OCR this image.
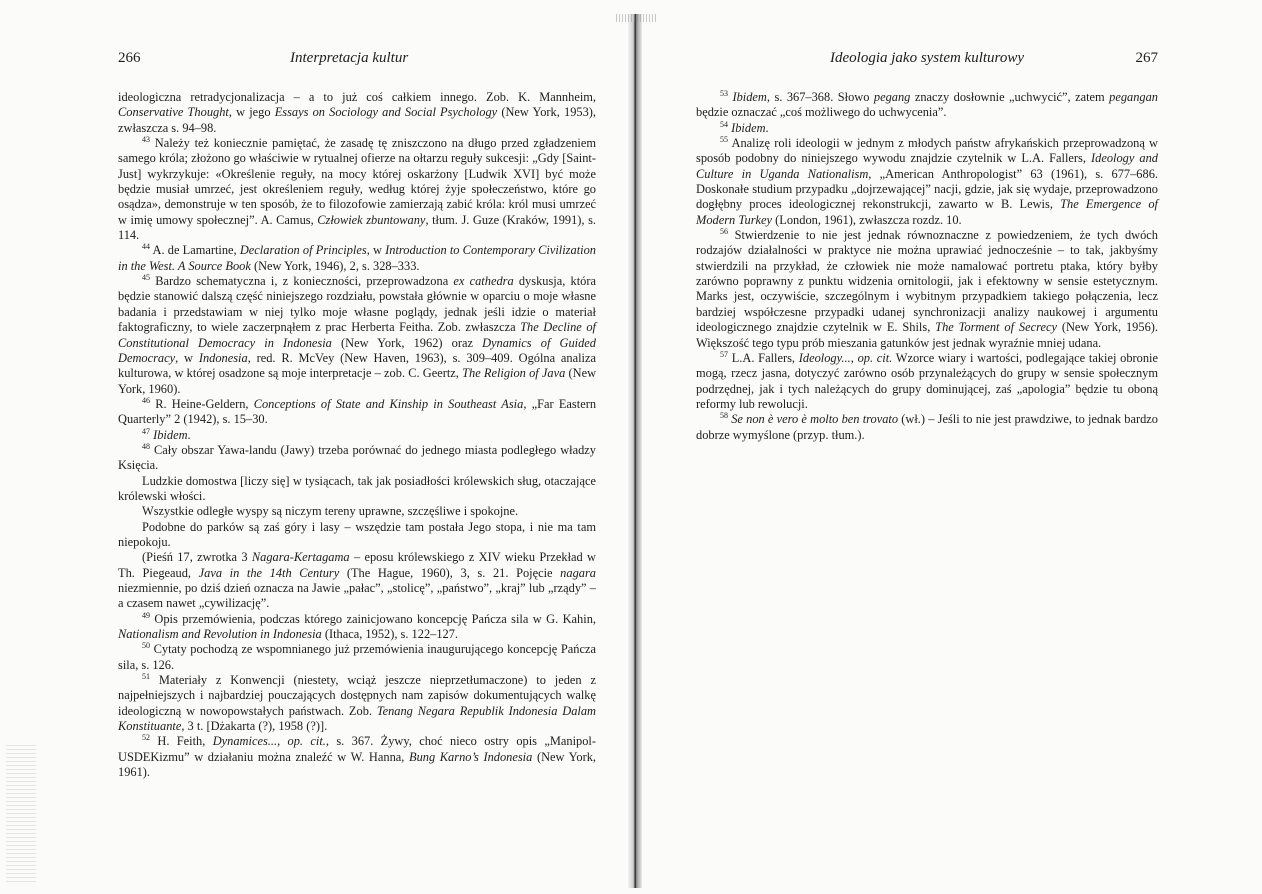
266	Interpretacja kultur

ideologiczna retradycjonalizacja – a to już coś całkiem innego. Zob. K. Mannheim, Conservative Thought, w jego Essays on Sociology and Social Psychology (New York, 1953), zwłaszcza s. 94–98.

$^{43}$ Należy też koniecznie pamiętać, że zasadę tę zniszczono na długo przed zgładzeniem samego króla; złożono go właściwie w rytualnej ofierze na ołtarzu reguły sukcesji: „Gdy [Saint-Just] wykrzykuje: «Określenie reguły, na mocy której oskarżony [Ludwik XVI] być może będzie musiał umrzeć, jest określeniem reguły, według której żyje społeczeństwo, które go osądza», demonstruje w ten sposób, że to filozofowie zamierzają zabić króla: król musi umrzeć w imię umowy społecznej”. A. Camus, Człowiek zbuntowany, tłum. J. Guze (Kraków, 1991), s. 114.

$^{44}$ A. de Lamartine, Declaration of Principles, w Introduction to Contemporary Civilization in the West. A Source Book (New York, 1946), 2, s. 328–333.

$^{45}$ Bardzo schematyczna i, z konieczności, przeprowadzona ex cathedra dyskusja, która będzie stanowić dalszą część niniejszego rozdziału, powstała głównie w oparciu o moje własne badania i przedstawiam w niej tylko moje własne poglądy, jednak jeśli idzie o materiał faktograficzny, to wiele zaczerpnąłem z prac Herberta Feitha. Zob. zwłaszcza The Decline of Constitutional Democracy in Indonesia (New York, 1962) oraz Dynamics of Guided Democracy, w Indonesia, red. R. McVey (New Haven, 1963), s. 309–409. Ogólna analiza kulturowa, w której osadzone są moje interpretacje – zob. C. Geertz, The Religion of Java (New York, 1960).

$^{46}$ R. Heine-Geldern, Conceptions of State and Kinship in Southeast Asia, „Far Eastern Quarterly” 2 (1942), s. 15–30.

$^{47}$ Ibidem.

$^{48}$ Cały obszar Yawa-landu (Jawy) trzeba porównać do jednego miasta podległego władzy Księcia.

Ludzkie domostwa [liczy się] w tysiącach, tak jak posiadłości królewskich sług, otaczające królewski włości.

Wszystkie odległe wyspy są niczym tereny uprawne, szczęśliwe i spokojne.

Podobne do parków są zaś góry i lasy – wszędzie tam postała Jego stopa, i nie ma tam niepokoju.

(Pieśń 17, zwrotka 3 Nagara-Kertagama – eposu królewskiego z XIV wieku Przekład w Th. Piegeaud, Java in the 14th Century (The Hague, 1960), 3, s. 21. Pojęcie nagara niezmiennie, po dziś dzień oznacza na Jawie „pałac”, „stolicę”, „państwo”, „kraj” lub „rządy” – a czasem nawet „cywilizację”.

$^{49}$ Opis przemówienia, podczas którego zainicjowano koncepcję Pańcza sila w G. Kahin, Nationalism and Revolution in Indonesia (Ithaca, 1952), s. 122–127.

$^{50}$ Cytaty pochodzą ze wspomnianego już przemówienia inaugurującego koncepcję Pańcza sila, s. 126.

$^{51}$ Materiały z Konwencji (niestety, wciąż jeszcze nieprzetłumaczone) to jeden z najpełniejszych i najbardziej pouczających dostępnych nam zapisów dokumentujących walkę ideologiczną w nowopowstałych państwach. Zob. Tenang Negara Republik Indonesia Dalam Konstituante, 3 t. [Dżakarta (?), 1958 (?)].

$^{52}$ H. Feith, Dynamices..., op. cit., s. 367. Żywy, choć nieco ostry opis „Manipol-USDEKizmu” w działaniu można znaleźć w W. Hanna, Bung Karno’s Indonesia (New York, 1961).

Ideologia jako system kulturowy	267

$^{53}$ Ibidem, s. 367–368. Słowo pegang znaczy dosłownie „uchwycić”, zatem pegangan będzie oznaczać „coś możliwego do uchwycenia”.

$^{54}$ Ibidem.

$^{55}$ Analizę roli ideologii w jednym z młodych państw afrykańskich przeprowadzoną w sposób podobny do niniejszego wywodu znajdzie czytelnik w L.A. Fallers, Ideology and Culture in Uganda Nationalism, „American Anthropologist” 63 (1961), s. 677–686. Doskonałe studium przypadku „dojrzewającej” nacji, gdzie, jak się wydaje, przeprowadzono dogłębny proces ideologicznej rekonstrukcji, zawarto w B. Lewis, The Emergence of Modern Turkey (London, 1961), zwłaszcza rozdz. 10.

$^{56}$ Stwierdzenie to nie jest jednak równoznaczne z powiedzeniem, że tych dwóch rodzajów działalności w praktyce nie można uprawiać jednocześnie – to tak, jakbyśmy stwierdzili na przykład, że człowiek nie może namalować portretu ptaka, który byłby zarówno poprawny z punktu widzenia ornitologii, jak i efektowny w sensie estetycznym. Marks jest, oczywiście, szczególnym i wybitnym przypadkiem takiego połączenia, lecz bardziej współczesne przypadki udanej synchronizacji analizy naukowej i argumentu ideologicznego znajdzie czytelnik w E. Shils, The Torment of Secrecy (New York, 1956). Większość tego typu prób mieszania gatunków jest jednak wyraźnie mniej udana.

$^{57}$ L.A. Fallers, Ideology..., op. cit. Wzorce wiary i wartości, podlegające takiej obronie mogą, rzecz jasna, dotyczyć zarówno osób przynależących do grupy w sensie społecznym podrzędnej, jak i tych należących do grupy dominującej, zaś „apologia” będzie tu oboną reformy lub rewolucji.

$^{58}$ Se non è vero è molto ben trovato (wł.) – Jeśli to nie jest prawdziwe, to jednak bardzo dobrze wymyślone (przyp. tłum.).
